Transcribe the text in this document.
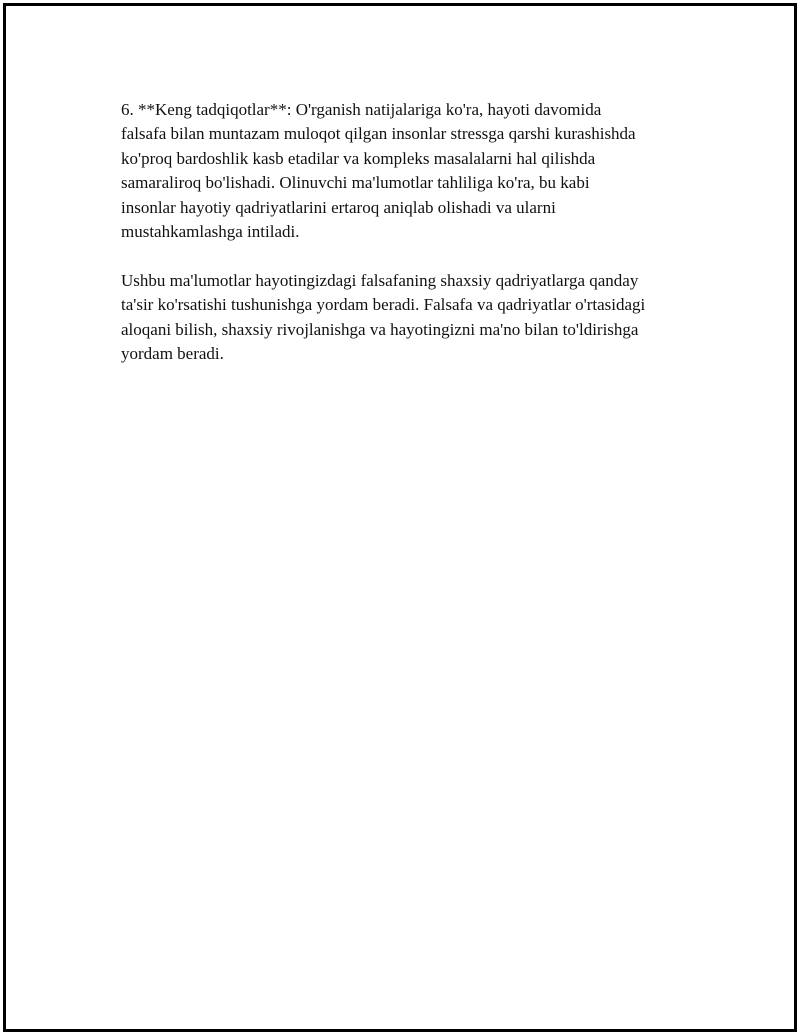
6. **Keng tadqiqotlar**: O'rganish natijalariga ko'ra, hayoti davomida
falsafa bilan muntazam muloqot qilgan insonlar stressga qarshi kurashishda
ko'proq bardoshlik kasb etadilar va kompleks masalalarni hal qilishda
samaraliroq bo'lishadi. Olinuvchi ma'lumotlar tahliliga ko'ra, bu kabi
insonlar hayotiy qadriyatlarini ertaroq aniqlab olishadi va ularni
mustahkamlashga intiladi.

Ushbu ma'lumotlar hayotingizdagi falsafaning shaxsiy qadriyatlarga qanday
ta'sir ko'rsatishi tushunishga yordam beradi. Falsafa va qadriyatlar o'rtasidagi
aloqani bilish, shaxsiy rivojlanishga va hayotingizni ma'no bilan to'ldirishga
yordam beradi.
